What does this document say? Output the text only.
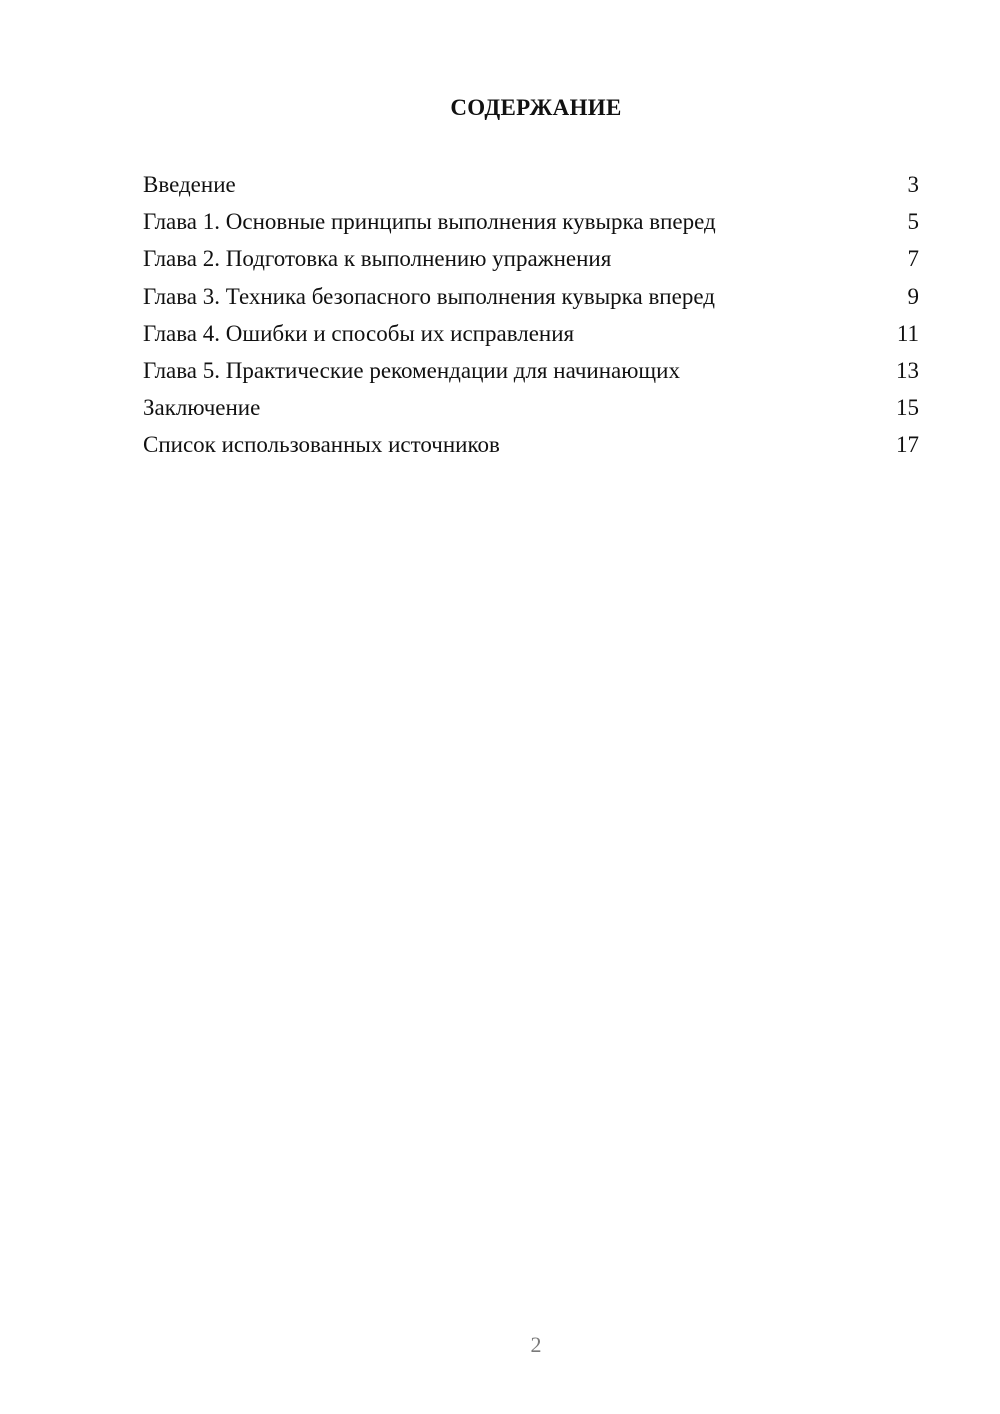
СОДЕРЖАНИЕ
Введение	3
Глава 1. Основные принципы выполнения кувырка вперед	5
Глава 2. Подготовка к выполнению упражнения	7
Глава 3. Техника безопасного выполнения кувырка вперед	9
Глава 4. Ошибки и способы их исправления	11
Глава 5. Практические рекомендации для начинающих	13
Заключение	15
Список использованных источников	17
2
